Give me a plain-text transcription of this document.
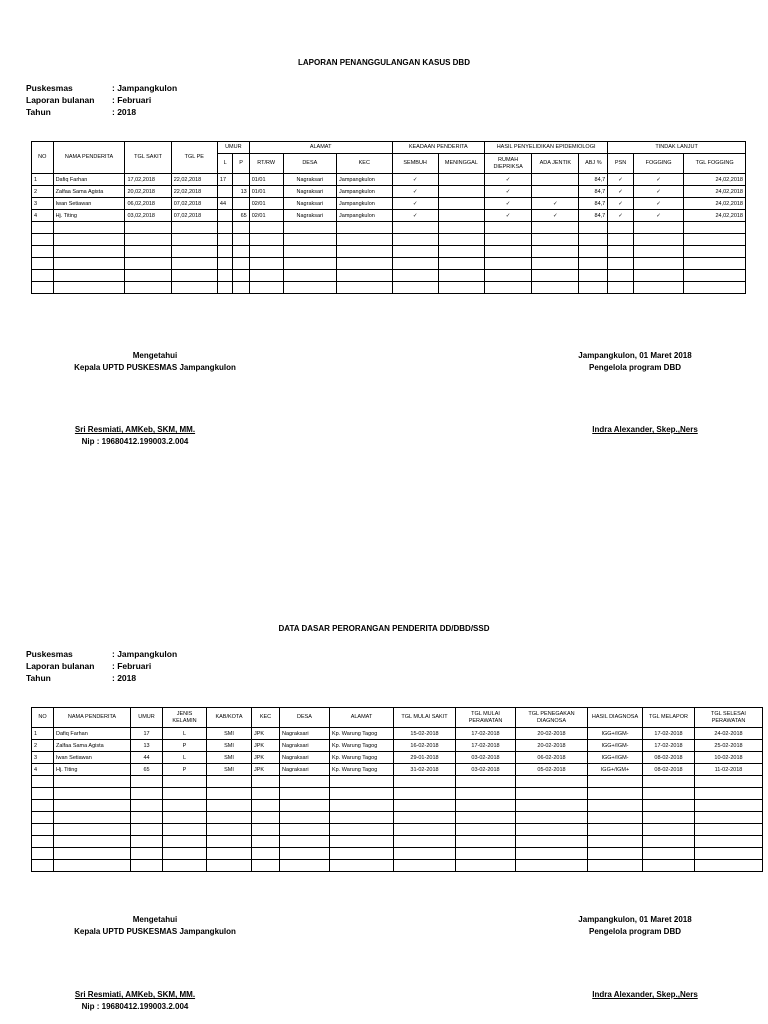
LAPORAN PENANGGULANGAN KASUS DBD
Puskesmas	: Jampangkulon
Laporan bulanan	: Februari
Tahun	: 2018
NO	NAMA PENDERITA	TGL SAKIT	TGL PE	UMUR		ALAMAT			KEADAAN PENDERITA		HASIL PENYELIDIKAN EPIDEMIOLOGI			TINDAK LANJUT		
				L	P	RT/RW	DESA	KEC	SEMBUH	MENINGGAL	RUMAH DIEPRIKSA	ADA JENTIK	ABJ %	PSN	FOGGING	TGL FOGGING
1	Dafiq Farhan	17,02,2018	22,02,2018	17		01/01	Nagraksari	Jampangkulon	✓		✓		84,7	✓	✓	24,02,2018
2	Zalfaa Sama Agista	20,02,2018	22,02,2018		13	01/01	Nagraksari	Jampangkulon	✓		✓		84,7	✓	✓	24,02,2018
3	Iwan Setiawan	06,02,2018	07,02,2018	44		02/01	Nagraksari	Jampangkulon	✓		✓	✓	84,7	✓	✓	24,02,2018
4	Hj. Titing	03,02,2018	07,02,2018		65	02/01	Nagraksari	Jampangkulon	✓		✓	✓	84,7	✓	✓	24,02,2018

Mengetahui
Kepala UPTD PUSKESMAS Jampangkulon
Sri Resmiati, AMKeb, SKM, MM.
Nip : 19680412.199003.2.004
Jampangkulon, 01 Maret 2018
Pengelola program DBD
Indra Alexander, Skep.,Ners
DATA DASAR PERORANGAN PENDERITA DD/DBD/SSD
Puskesmas	: Jampangkulon
Laporan bulanan	: Februari
Tahun	: 2018
NO	NAMA PENDERITA	UMUR	JENIS KELAMIN	KAB/KOTA	KEC	DESA	ALAMAT	TGL MULAI SAKIT	TGL MULAI PERAWATAN	TGL PENEGAKAN DIAGNOSA	HASIL DIAGNOSA	TGL MELAPOR	TGL SELESAI PERAWATAN
1	Dafiq Farhan	17	L	SMI	JPK	Nagraksari	Kp. Warung Tagog	15-02-2018	17-02-2018	20-02-2018	IGG+/IGM-	17-02-2018	24-02-2018
2	Zalfaa Sama Agista	13	P	SMI	JPK	Nagraksari	Kp. Warung Tagog	16-02-2018	17-02-2018	20-02-2018	IGG+/IGM-	17-02-2018	25-02-2018
3	Iwan Setiawan	44	L	SMI	JPK	Nagraksari	Kp. Warung Tagog	29-01-2018	03-02-2018	06-02-2018	IGG+/IGM-	08-02-2018	10-02-2018
4	Hj. Titing	65	P	SMI	JPK	Nagraksari	Kp. Warung Tagog	31-02-2018	03-02-2018	05-02-2018	IGG+/IGM+	08-02-2018	11-02-2018

Mengetahui
Kepala UPTD PUSKESMAS Jampangkulon
Sri Resmiati, AMKeb, SKM, MM.
Nip : 19680412.199003.2.004
Jampangkulon, 01 Maret 2018
Pengelola program DBD
Indra Alexander, Skep.,Ners
